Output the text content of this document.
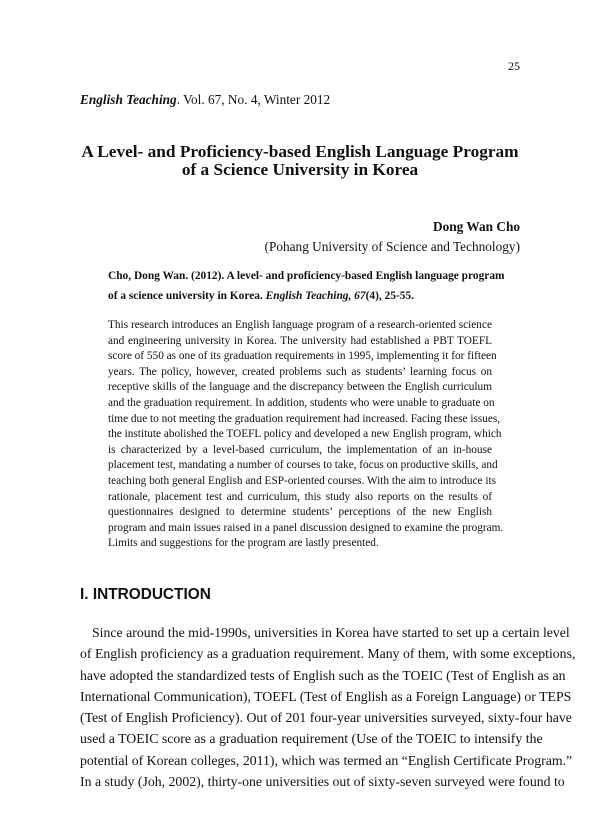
25
English Teaching. Vol. 67, No. 4, Winter 2012
A Level- and Proficiency-based English Language Program
of a Science University in Korea
Dong Wan Cho
(Pohang University of Science and Technology)
Cho, Dong Wan. (2012). A level- and proficiency-based English language program
of a science university in Korea. English Teaching, 67(4), 25-55.
This research introduces an English language program of a research-oriented science
and engineering university in Korea. The university had established a PBT TOEFL
score of 550 as one of its graduation requirements in 1995, implementing it for fifteen
years. The policy, however, created problems such as students’ learning focus on
receptive skills of the language and the discrepancy between the English curriculum
and the graduation requirement. In addition, students who were unable to graduate on
time due to not meeting the graduation requirement had increased. Facing these issues,
the institute abolished the TOEFL policy and developed a new English program, which
is characterized by a level-based curriculum, the implementation of an in-house
placement test, mandating a number of courses to take, focus on productive skills, and
teaching both general English and ESP-oriented courses. With the aim to introduce its
rationale, placement test and curriculum, this study also reports on the results of
questionnaires designed to determine students’ perceptions of the new English
program and main issues raised in a panel discussion designed to examine the program.
Limits and suggestions for the program are lastly presented.
I. INTRODUCTION
Since around the mid-1990s, universities in Korea have started to set up a certain level
of English proficiency as a graduation requirement. Many of them, with some exceptions,
have adopted the standardized tests of English such as the TOEIC (Test of English as an
International Communication), TOEFL (Test of English as a Foreign Language) or TEPS
(Test of English Proficiency). Out of 201 four-year universities surveyed, sixty-four have
used a TOEIC score as a graduation requirement (Use of the TOEIC to intensify the
potential of Korean colleges, 2011), which was termed an “English Certificate Program.”
In a study (Joh, 2002), thirty-one universities out of sixty-seven surveyed were found to
